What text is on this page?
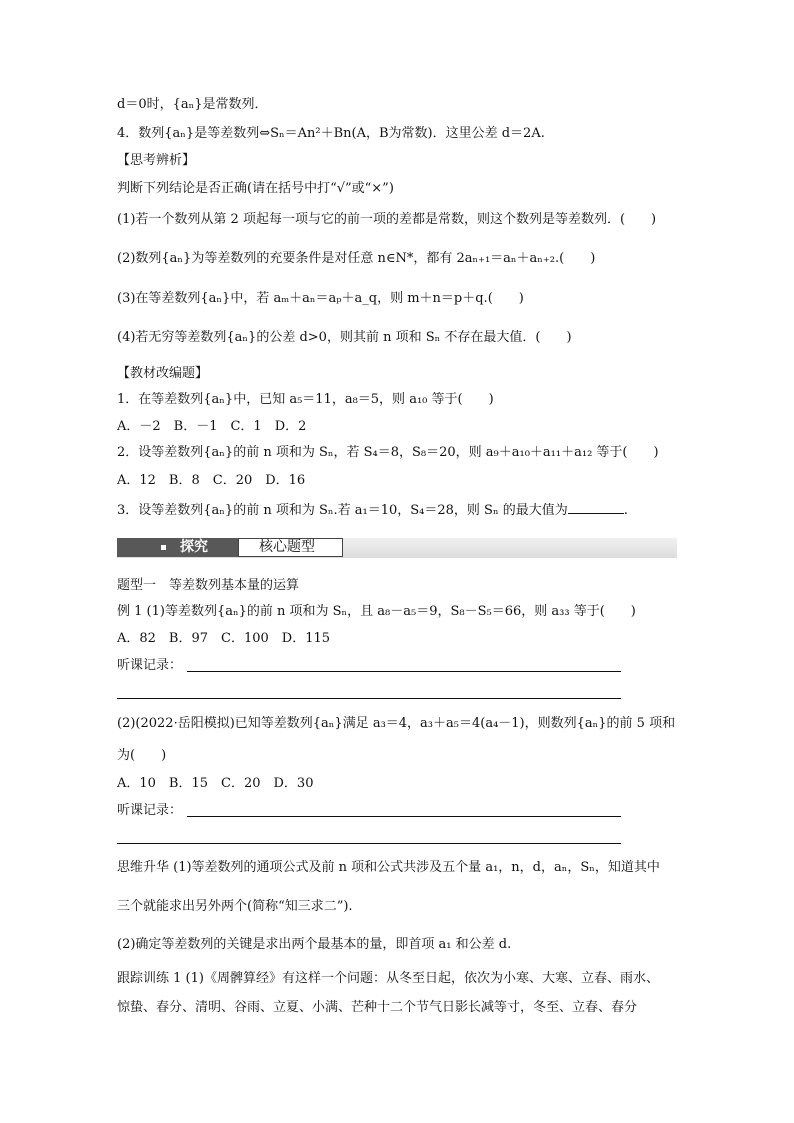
d＝0时，{aₙ}是常数列．
4．数列{aₙ}是等差数列⇔Sₙ＝An²＋Bn(A，B为常数)．这里公差 d＝2A.
【思考辨析】
判断下列结论是否正确(请在括号中打“√”或“×”)
(1)若一个数列从第 2 项起每一项与它的前一项的差都是常数，则这个数列是等差数列．(　　)
(2)数列{aₙ}为等差数列的充要条件是对任意 n∈N*，都有 2aₙ₊₁＝aₙ＋aₙ₊₂.(　　)
(3)在等差数列{aₙ}中，若 aₘ＋aₙ＝aₚ＋a_q，则 m＋n＝p＋q.(　　)
(4)若无穷等差数列{aₙ}的公差 d>0，则其前 n 项和 Sₙ 不存在最大值．(　　)
【教材改编题】
1．在等差数列{aₙ}中，已知 a₅＝11，a₈＝5，则 a₁₀ 等于(　　)
A．－2　B．－1　C．1　D．2
2．设等差数列{aₙ}的前 n 项和为 Sₙ，若 S₄＝8，S₈＝20，则 a₉＋a₁₀＋a₁₁＋a₁₂ 等于(　　)
A．12　B．8　C．20　D．16
3．设等差数列{aₙ}的前 n 项和为 Sₙ.若 a₁＝10，S₄＝28，则 Sₙ 的最大值为	.
探究	核心题型
题型一　等差数列基本量的运算
例 1 (1)等差数列{aₙ}的前 n 项和为 Sₙ，且 a₈－a₅＝9，S₈－S₅＝66，则 a₃₃ 等于(　　)
A．82　B．97　C．100　D．115
听课记录：
(2)(2022·岳阳模拟)已知等差数列{aₙ}满足 a₃＝4，a₃＋a₅＝4(a₄－1)，则数列{aₙ}的前 5 项和
为(　　)
A．10　B．15　C．20　D．30
听课记录：
思维升华 (1)等差数列的通项公式及前 n 项和公式共涉及五个量 a₁，n，d，aₙ，Sₙ，知道其中
三个就能求出另外两个(简称“知三求二”).
(2)确定等差数列的关键是求出两个最基本的量，即首项 a₁ 和公差 d.
跟踪训练 1 (1)《周髀算经》有这样一个问题：从冬至日起，依次为小寒、大寒、立春、雨水、
惊蛰、春分、清明、谷雨、立夏、小满、芒种十二个节气日影长减等寸，冬至、立春、春分
